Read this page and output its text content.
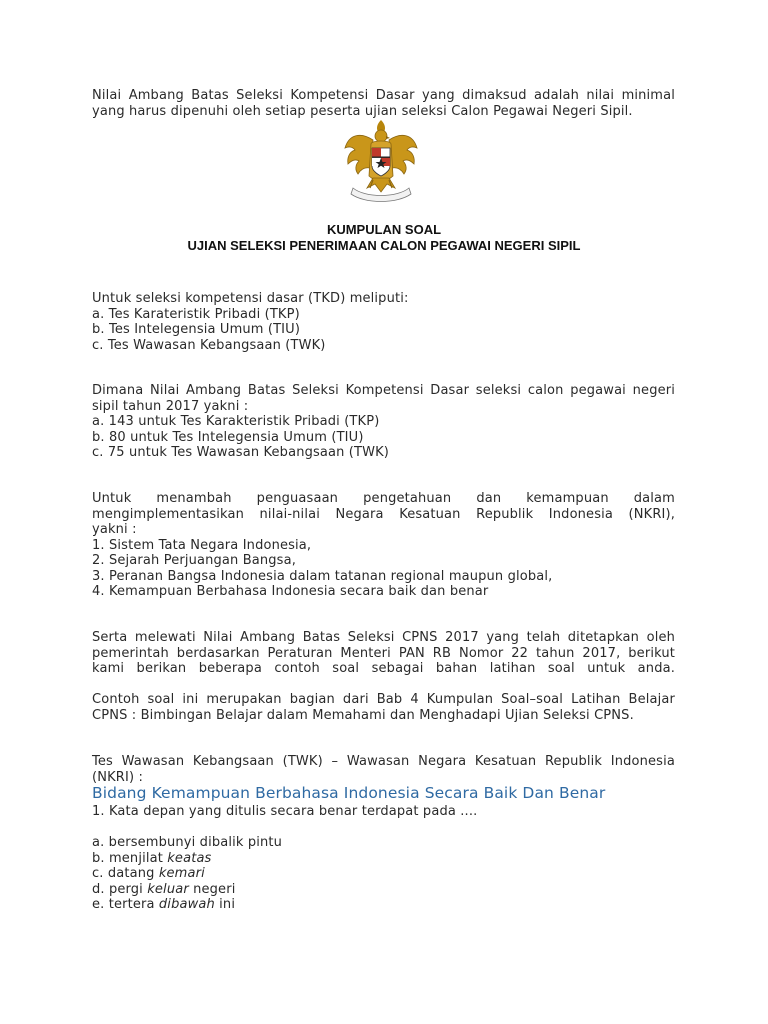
Nilai Ambang Batas Seleksi Kompetensi Dasar yang dimaksud adalah nilai minimal
yang harus dipenuhi oleh setiap peserta ujian seleksi Calon Pegawai Negeri Sipil.
KUMPULAN SOAL
UJIAN SELEKSI PENERIMAAN CALON PEGAWAI NEGERI SIPIL
Untuk seleksi kompetensi dasar (TKD) meliputi:
a. Tes Karateristik Pribadi (TKP)
b. Tes Intelegensia Umum (TIU)
c. Tes Wawasan Kebangsaan (TWK)
Dimana Nilai Ambang Batas Seleksi Kompetensi Dasar seleksi calon pegawai negeri
sipil tahun 2017 yakni :
a. 143 untuk Tes Karakteristik Pribadi (TKP)
b. 80 untuk Tes Intelegensia Umum (TIU)
c. 75 untuk Tes Wawasan Kebangsaan (TWK)
Untuk menambah penguasaan pengetahuan dan kemampuan dalam
mengimplementasikan nilai-nilai Negara Kesatuan Republik Indonesia (NKRI),
yakni :
1. Sistem Tata Negara Indonesia,
2. Sejarah Perjuangan Bangsa,
3. Peranan Bangsa Indonesia dalam tatanan regional maupun global,
4. Kemampuan Berbahasa Indonesia secara baik dan benar
Serta melewati Nilai Ambang Batas Seleksi CPNS 2017 yang telah ditetapkan oleh
pemerintah berdasarkan Peraturan Menteri PAN RB Nomor 22 tahun 2017, berikut
kami berikan beberapa contoh soal sebagai bahan latihan soal untuk anda.
Contoh soal ini merupakan bagian dari Bab 4 Kumpulan Soal–soal Latihan Belajar
CPNS : Bimbingan Belajar dalam Memahami dan Menghadapi Ujian Seleksi CPNS.
Tes Wawasan Kebangsaan (TWK) – Wawasan Negara Kesatuan Republik Indonesia
(NKRI) :
Bidang Kemampuan Berbahasa Indonesia Secara Baik Dan Benar
1. Kata depan yang ditulis secara benar terdapat pada ....
a. bersembunyi dibalik pintu
b. menjilat keatas
c. datang kemari
d. pergi keluar negeri
e. tertera dibawah ini
